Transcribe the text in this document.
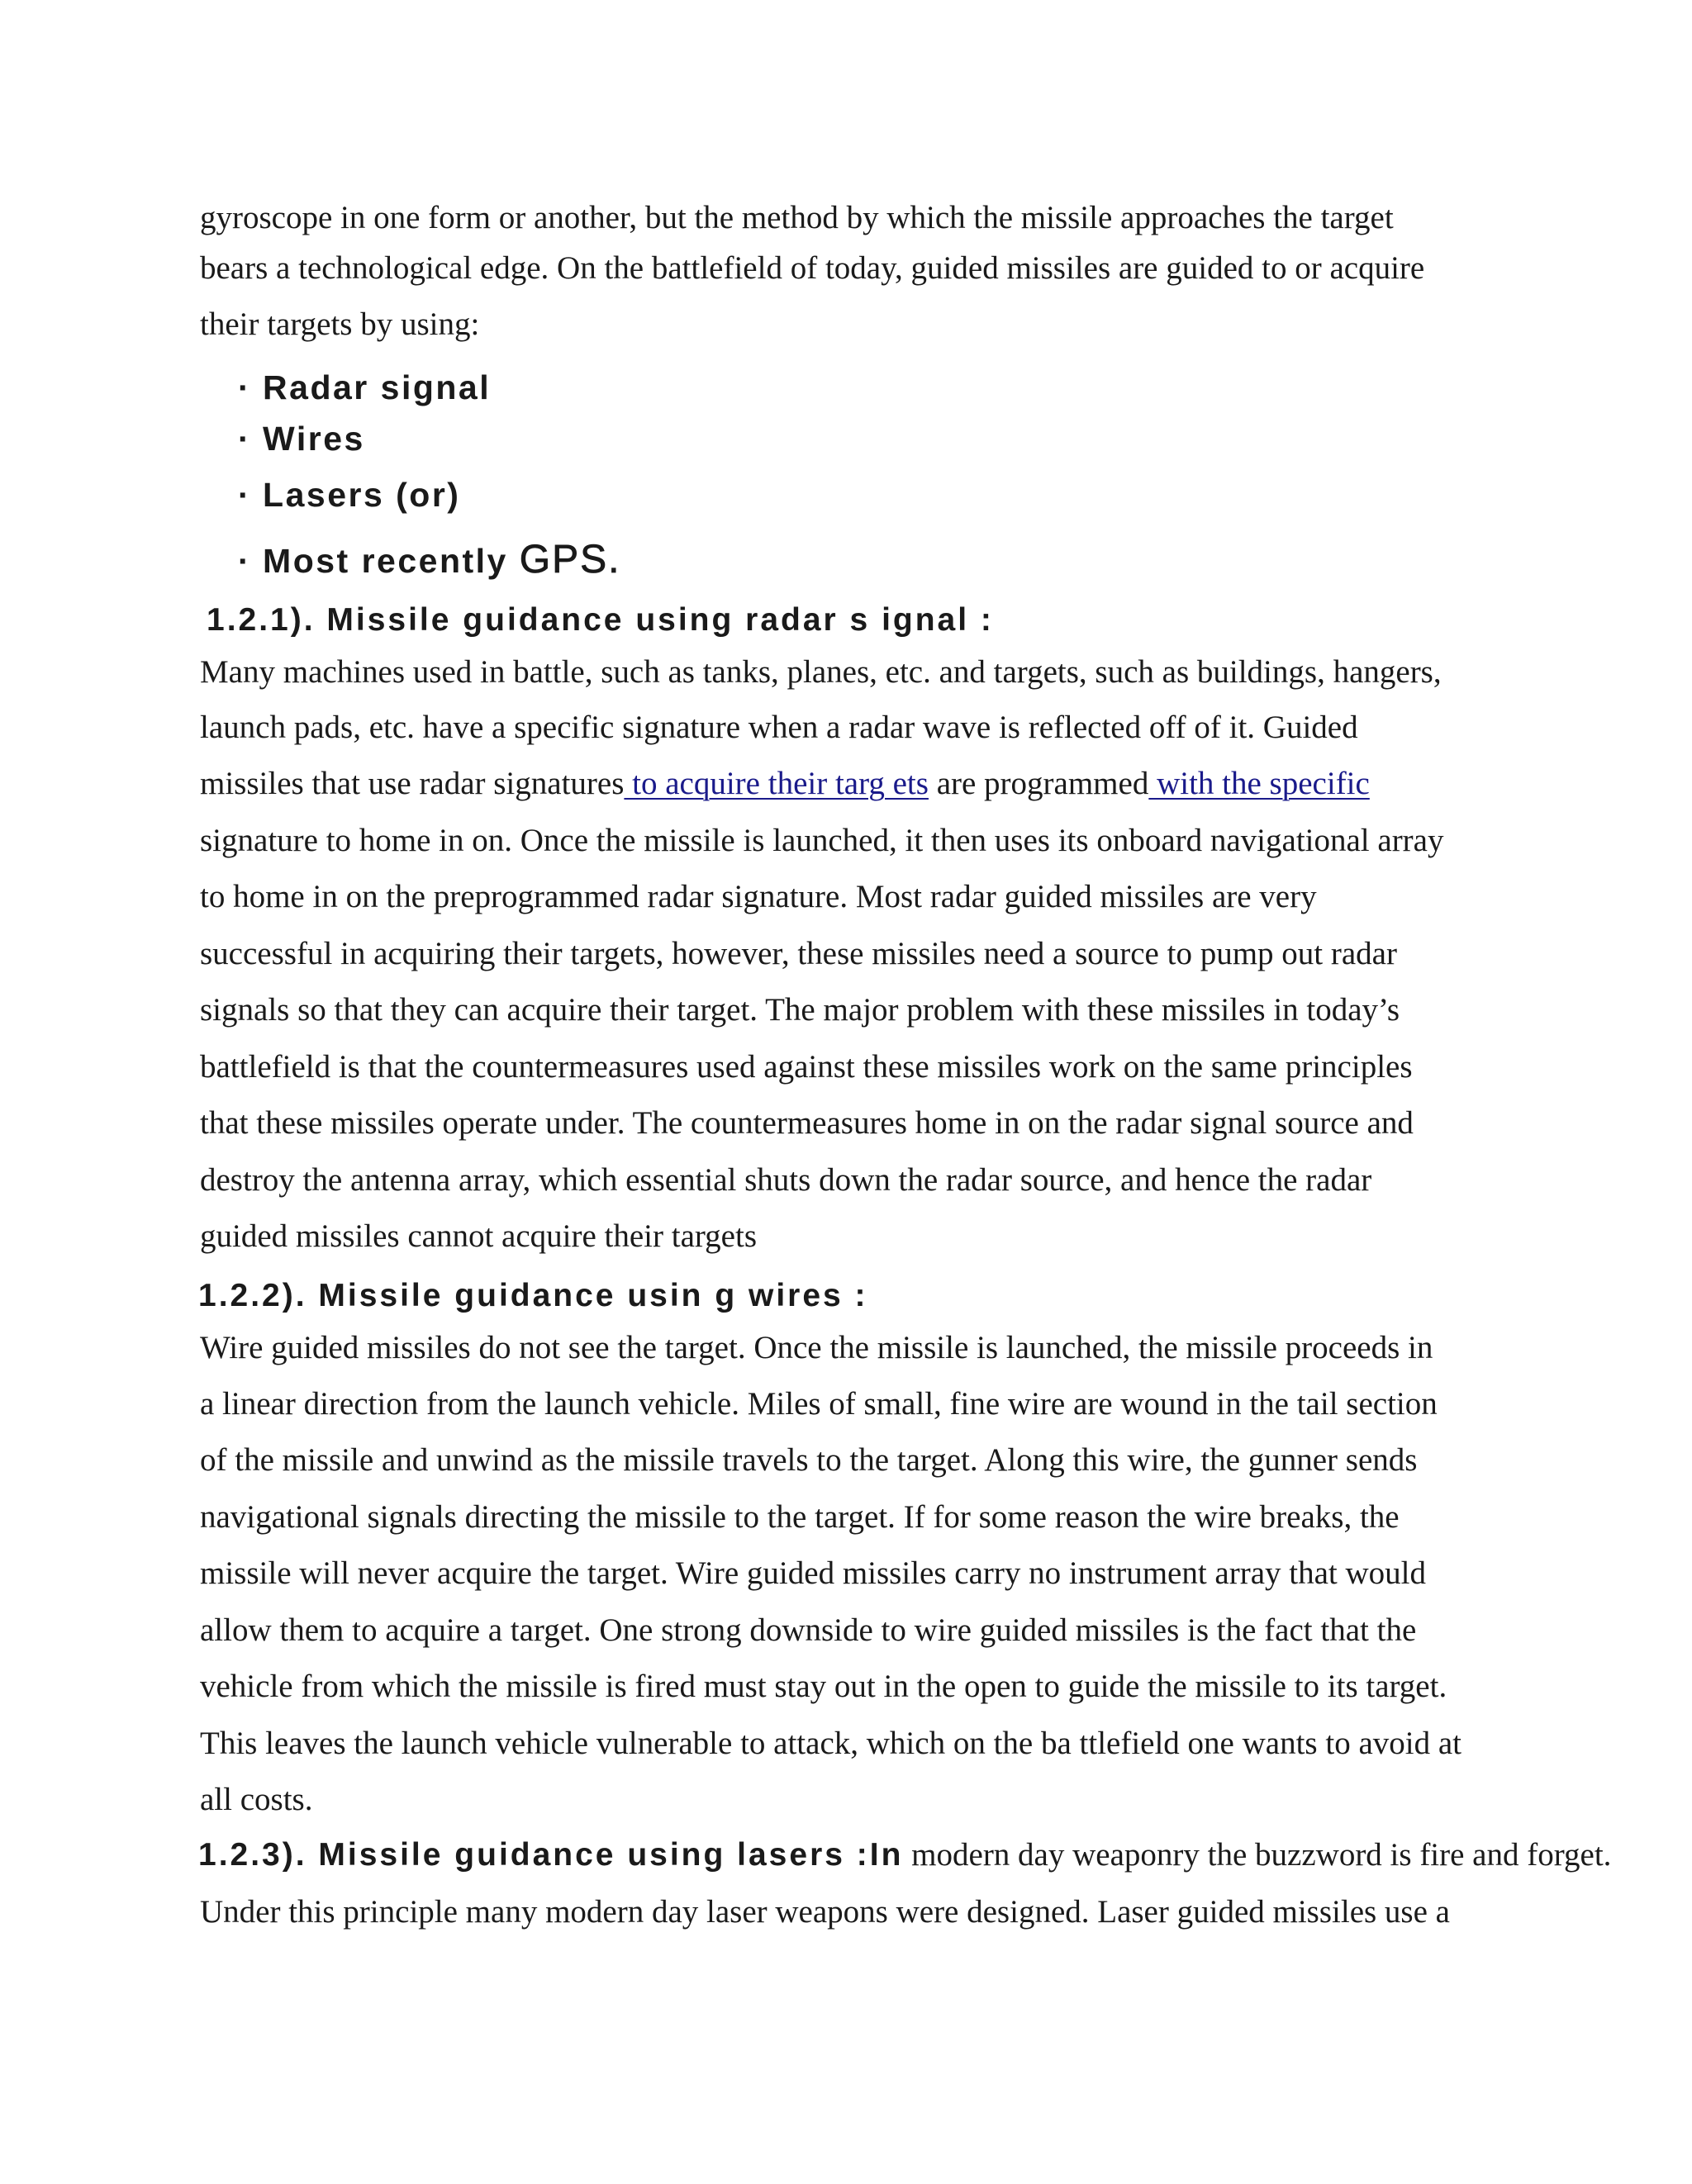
gyroscope in one form or another, but the method by which the missile approaches the target
bears a technological edge. On the battlefield of today, guided missiles are guided to or acquire
their targets by using:
· Radar signal
· Wires
· Lasers (or)
· Most recently GPS.
1.2.1). Missile guidance using radar s ignal :
Many machines used in battle, such as tanks, planes, etc. and targets, such as buildings, hangers,
launch pads, etc. have a specific signature when a radar wave is reflected off of it. Guided
missiles that use radar signatures to acquire their targ ets are programmed with the specific
signature to home in on. Once the missile is launched, it then uses its onboard navigational array
to home in on the preprogrammed radar signature. Most radar guided missiles are very
successful in acquiring their targets, however, these missiles need a source to pump out radar
signals so that they can acquire their target. The major problem with these missiles in today’s
battlefield is that the countermeasures used against these missiles work on the same principles
that these missiles operate under. The countermeasures home in on the radar signal source and
destroy the antenna array, which essential shuts down the radar source, and hence the radar
guided missiles cannot acquire their targets
1.2.2). Missile guidance usin g wires :
Wire guided missiles do not see the target. Once the missile is launched, the missile proceeds in
a linear direction from the launch vehicle. Miles of small, fine wire are wound in the tail section
of the missile and unwind as the missile travels to the target. Along this wire, the gunner sends
navigational signals directing the missile to the target. If for some reason the wire breaks, the
missile will never acquire the target. Wire guided missiles carry no instrument array that would
allow them to acquire a target. One strong downside to wire guided missiles is the fact that the
vehicle from which the missile is fired must stay out in the open to guide the missile to its target.
This leaves the launch vehicle vulnerable to attack, which on the ba ttlefield one wants to avoid at
all costs.
1.2.3). Missile guidance using lasers :In modern day weaponry the buzzword is fire and forget.
Under this principle many modern day laser weapons were designed. Laser guided missiles use a
